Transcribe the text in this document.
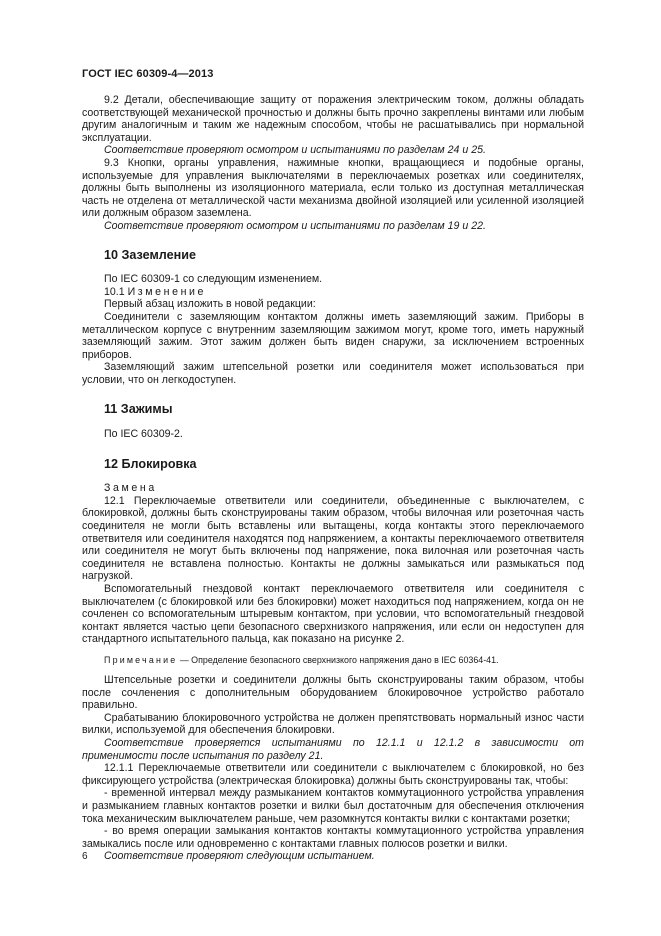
ГОСТ IEC 60309-4—2013

9.2 Детали, обеспечивающие защиту от поражения электрическим током, должны обладать соответствующей механической прочностью и должны быть прочно закреплены винтами или любым другим аналогичным и таким же надежным способом, чтобы не расшатывались при нормальной эксплуатации.

Соответствие проверяют осмотром и испытаниями по разделам 24 и 25.

9.3 Кнопки, органы управления, нажимные кнопки, вращающиеся и подобные органы, используемые для управления выключателями в переключаемых розетках или соединителях, должны быть выполнены из изоляционного материала, если только из доступная металлическая часть не отделена от металлической части механизма двойной изоляцией или усиленной изоляцией или должным образом заземлена.

Соответствие проверяют осмотром и испытаниями по разделам 19 и 22.

10 Заземление

По IEC 60309-1 со следующим изменением.

10.1 Изменение

Первый абзац изложить в новой редакции:

Соединители с заземляющим контактом должны иметь заземляющий зажим. Приборы в металлическом корпусе с внутренним заземляющим зажимом могут, кроме того, иметь наружный заземляющий зажим. Этот зажим должен быть виден снаружи, за исключением встроенных приборов.

Заземляющий зажим штепсельной розетки или соединителя может использоваться при условии, что он легкодоступен.

11 Зажимы

По IEC 60309-2.

12 Блокировка

Замена

12.1 Переключаемые ответвители или соединители, объединенные с выключателем, с блокировкой, должны быть сконструированы таким образом, чтобы вилочная или розеточная часть соединителя не могли быть вставлены или вытащены, когда контакты этого переключаемого ответвителя или соединителя находятся под напряжением, а контакты переключаемого ответвителя или соединителя не могут быть включены под напряжение, пока вилочная или розеточная часть соединителя не вставлена полностью. Контакты не должны замыкаться или размыкаться под нагрузкой.

Вспомогательный гнездовой контакт переключаемого ответвителя или соединителя с выключателем (с блокировкой или без блокировки) может находиться под напряжением, когда он не сочленен со вспомогательным штыревым контактом, при условии, что вспомогательный гнездовой контакт является частью цепи безопасного сверхнизкого напряжения, или если он недоступен для стандартного испытательного пальца, как показано на рисунке 2.

Примечание — Определение безопасного сверхнизкого напряжения дано в IEC 60364-41.

Штепсельные розетки и соединители должны быть сконструированы таким образом, чтобы после сочленения с дополнительным оборудованием блокировочное устройство работало правильно.

Срабатыванию блокировочного устройства не должен препятствовать нормальный износ части вилки, используемой для обеспечения блокировки.

Соответствие проверяется испытаниями по 12.1.1 и 12.1.2 в зависимости от применимости после испытания по разделу 21.

12.1.1 Переключаемые ответвители или соединители с выключателем с блокировкой, но без фиксирующего устройства (электрическая блокировка) должны быть сконструированы так, чтобы:

- временной интервал между размыканием контактов коммутационного устройства управления и размыканием главных контактов розетки и вилки был достаточным для обеспечения отключения тока механическим выключателем раньше, чем разомкнутся контакты вилки с контактами розетки;

- во время операции замыкания контактов контакты коммутационного устройства управления замыкались после или одновременно с контактами главных полюсов розетки и вилки.

Соответствие проверяют следующим испытанием.

6
